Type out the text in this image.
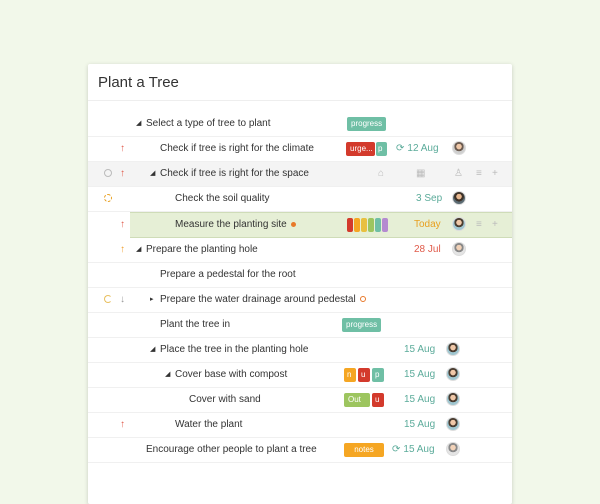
Plant a Tree
◢ Select a type of tree to plant	progress
↑	Check if tree is right for the climate	urge... p	⟳ 12 Aug
↑	◢ Check if tree is right for the space	⌂	▦	♙ ≡ +
Check the soil quality	3 Sep
↑	Measure the planting site	Today	≡ +
↑ ◢ Prepare the planting hole	28 Jul
Prepare a pedestal for the root
↓	▸ Prepare the water drainage around pedestal
Plant the tree in	progress
◢ Place the tree in the planting hole	15 Aug
◢ Cover base with compost	n	u	p	15 Aug
Cover with sand	Out	u	15 Aug
↑	Water the plant	15 Aug
Encourage other people to plant a tree	notes	⟳ 15 Aug
